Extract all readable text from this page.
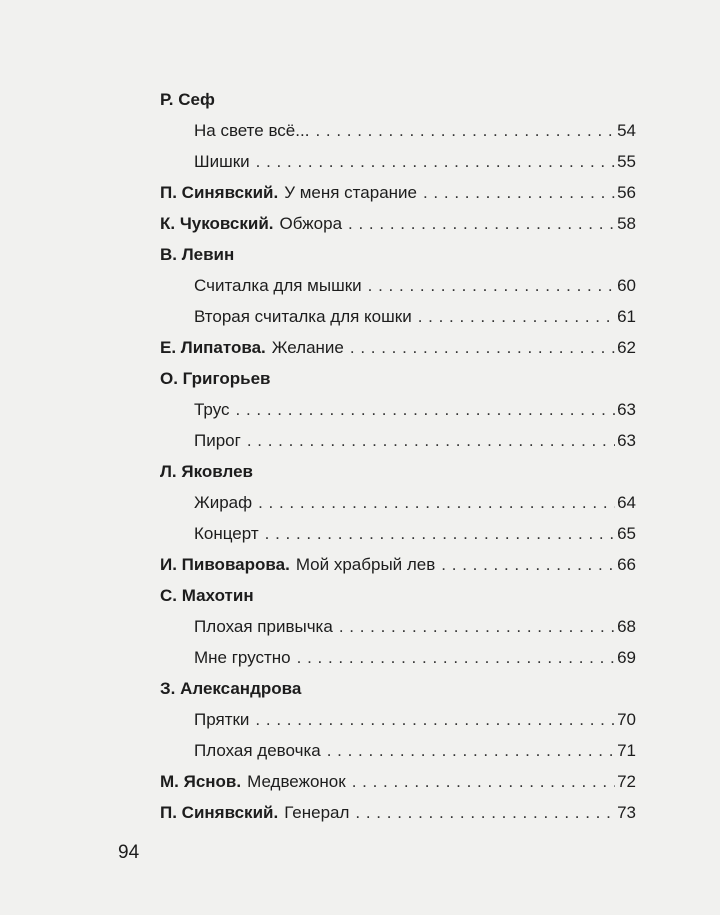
Р. Сеф
На свете всё... . . .	54
Шишки . . .	55
П. Синявский. У меня старание . . .	56
К. Чуковский. Обжора . . .	58
В. Левин
Считалка для мышки . . .	60
Вторая считалка для кошки . . .	61
Е. Липатова. Желание . . .	62
О. Григорьев
Трус . . .	63
Пирог . . .	63
Л. Яковлев
Жираф . . .	64
Концерт . . .	65
И. Пивоварова. Мой храбрый лев . . .	66
С. Махотин
Плохая привычка . . .	68
Мне грустно . . .	69
З. Александрова
Прятки . . .	70
Плохая девочка . . .	71
М. Яснов. Медвежонок . . .	72
П. Синявский. Генерал . . .	73
94
